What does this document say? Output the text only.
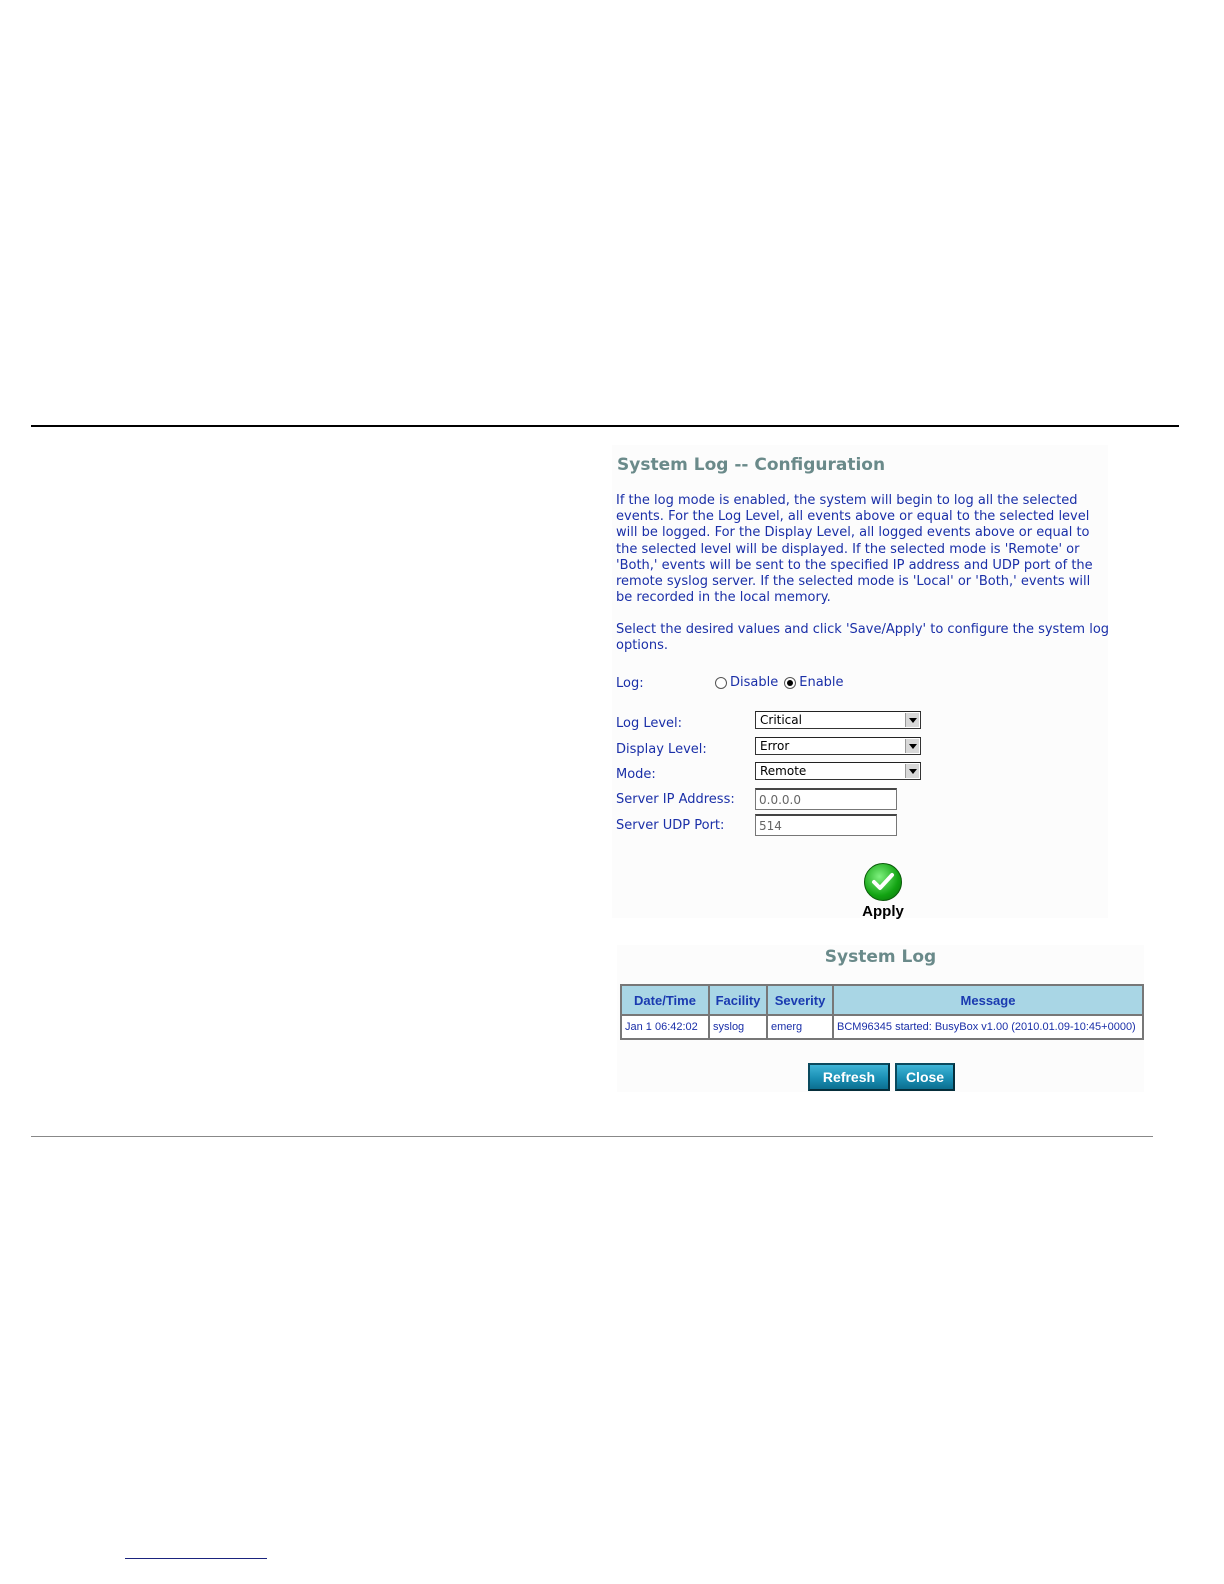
System Log -- Configuration
If the log mode is enabled, the system will begin to log all the selected events. For the Log Level, all events above or equal to the selected level will be logged. For the Display Level, all logged events above or equal to the selected level will be displayed. If the selected mode is 'Remote' or 'Both,' events will be sent to the specified IP address and UDP port of the remote syslog server. If the selected mode is 'Local' or 'Both,' events will be recorded in the local memory.
Select the desired values and click 'Save/Apply' to configure the system log options.
Log:	Disable Enable
Log Level:	Critical
Display Level:	Error
Mode:	Remote
Server IP Address:
0.0.0.0
Server UDP Port:
514
Apply
System Log
Date/Time	Facility	Severity	Message
Jan 1 06:42:02	syslog	emerg	BCM96345 started: BusyBox v1.00 (2010.01.09-10:45+0000)
Refresh	Close
